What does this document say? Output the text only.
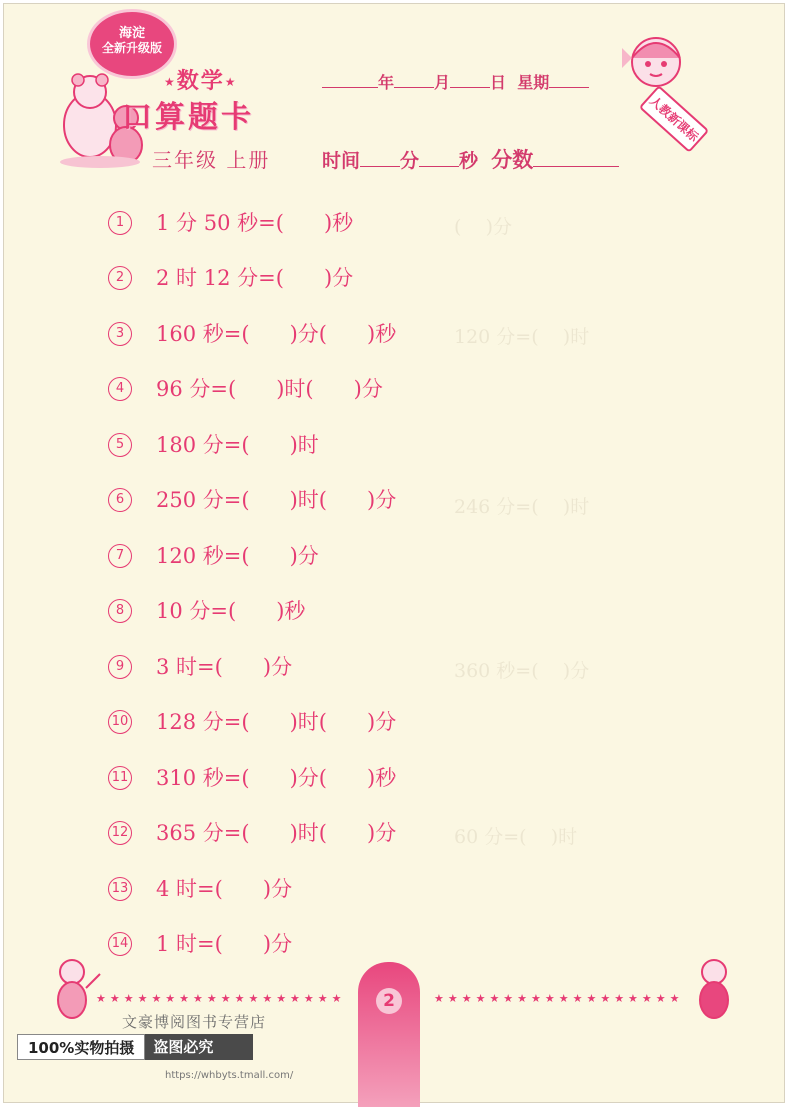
(    )分
120 分=(    )时
246 分=(    )时
360 秒=(    )分
60 分=(    )时
海淀
全新升级版
★数学★
口算题卡
三年级 上册
年	月	日 星期
时间 分 秒 分数
人教新课标
1	1 分 50 秒=(      )秒
2	2 时 12 分=(      )分
3	160 秒=(      )分(      )秒
4	96 分=(      )时(      )分
5	180 分=(      )时
6	250 分=(      )时(      )分
7	120 秒=(      )分
8	10 分=(      )秒
9	3 时=(      )分
10 128 分=(      )时(      )分
11 310 秒=(      )分(      )秒
12 365 分=(      )时(      )分
13 4 时=(      )分
14 1 时=(      )分
★★★★★★★★★★★★★★★★★★	★★★★★★★★★★★★★★★★★★
2
文豪博阅图书专营店
100%实物拍摄	盗图必究
https://whbyts.tmall.com/
